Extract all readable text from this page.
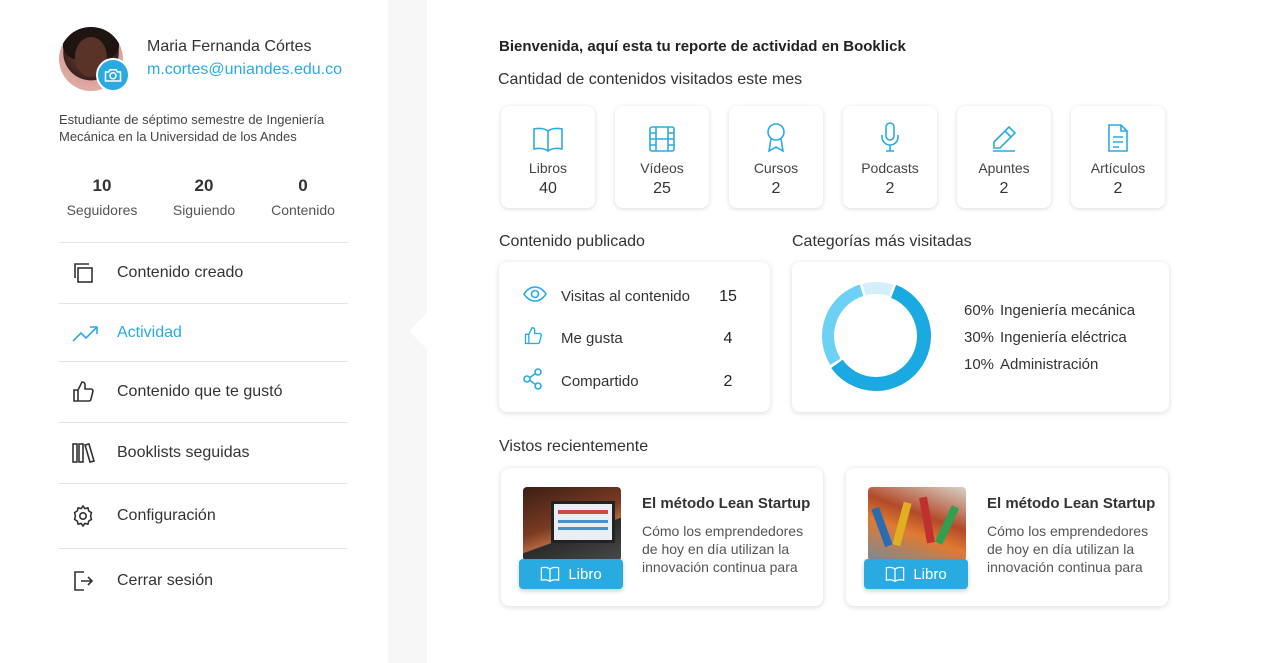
Maria Fernanda Córtes
m.cortes@uniandes.edu.co
Estudiante de séptimo semestre de Ingeniería Mecánica en la Universidad de los Andes
10
Seguidores
20
Siguiendo
0
Contenido
Contenido creado
Actividad
Contenido que te gustó
Booklists seguidas
Configuración
Cerrar sesión
Bienvenida, aquí esta tu reporte de actividad en Booklick
Cantidad de contenidos visitados este mes
Libros
40
Vídeos
25
Cursos
2
Podcasts
2
Apuntes
2
Artículos
2
Contenido publicado
Visitas al contenido	15
Me gusta	4
Compartido	2
Categorías más visitadas
60% Ingeniería mecánica
30% Ingeniería eléctrica
10% Administración
Vistos recientemente
Libro
El método Lean Startup
Cómo los emprendedores de hoy en día utilizan la innovación continua para	Libro
El método Lean Startup
Cómo los emprendedores de hoy en día utilizan la innovación continua para
